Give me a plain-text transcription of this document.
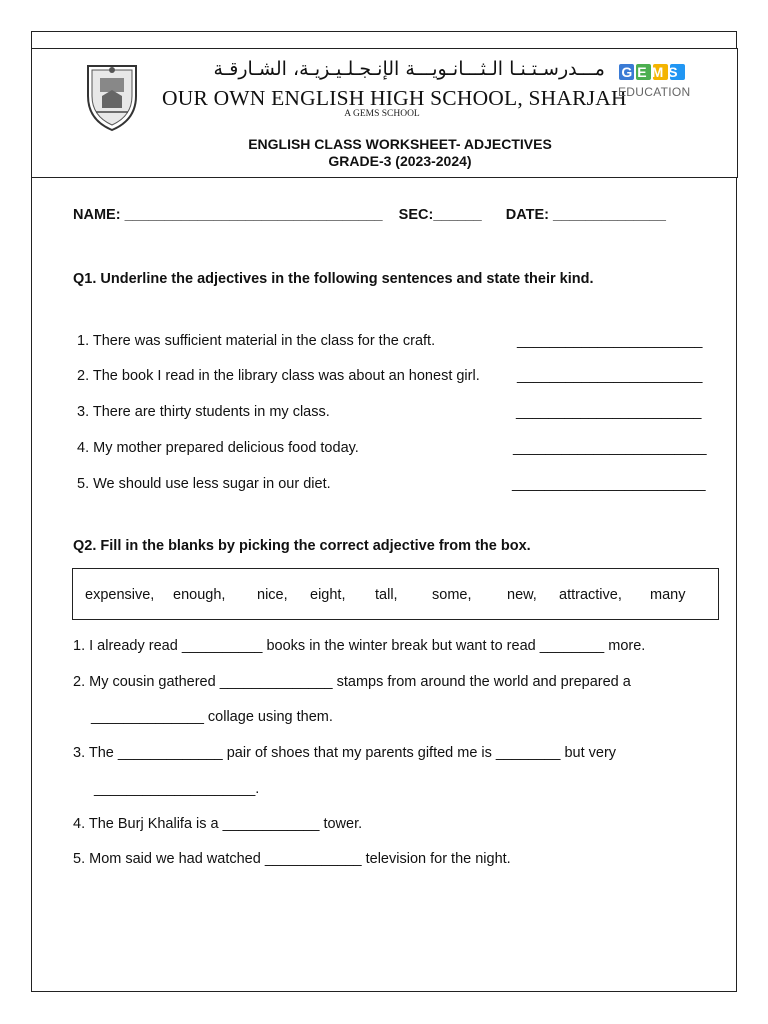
مـــدرسـتـنـا الـثـــانـويـــة الإنـجـلـيـزيـة، الشـارقـة
OUR OWN ENGLISH HIGH SCHOOL, SHARJAH
A GEMS SCHOOL
GEMS
EDUCATION
ENGLISH CLASS WORKSHEET- ADJECTIVES
GRADE-3 (2023-2024)
NAME: ________________________________ SEC:______ DATE: ______________
Q1. Underline the adjectives in the following sentences and state their kind.
1. There was sufficient material in the class for the craft.	_______________________
2. The book I read in the library class was about an honest girl.	_______________________
3. There are thirty students in my class.	_______________________
4. My mother prepared delicious food today.	________________________
5. We should use less sugar in our diet.	________________________
Q2. Fill in the blanks by picking the correct adjective from the box.
expensive, enough, nice, eight, tall, some, new, attractive, many
1. I already read __________ books in the winter break but want to read ________ more.
2. My cousin gathered ______________ stamps from around the world and prepared a
______________ collage using them.
3. The _____________ pair of shoes that my parents gifted me is ________ but very
____________________.
4. The Burj Khalifa is a ____________ tower.
5. Mom said we had watched ____________ television for the night.
